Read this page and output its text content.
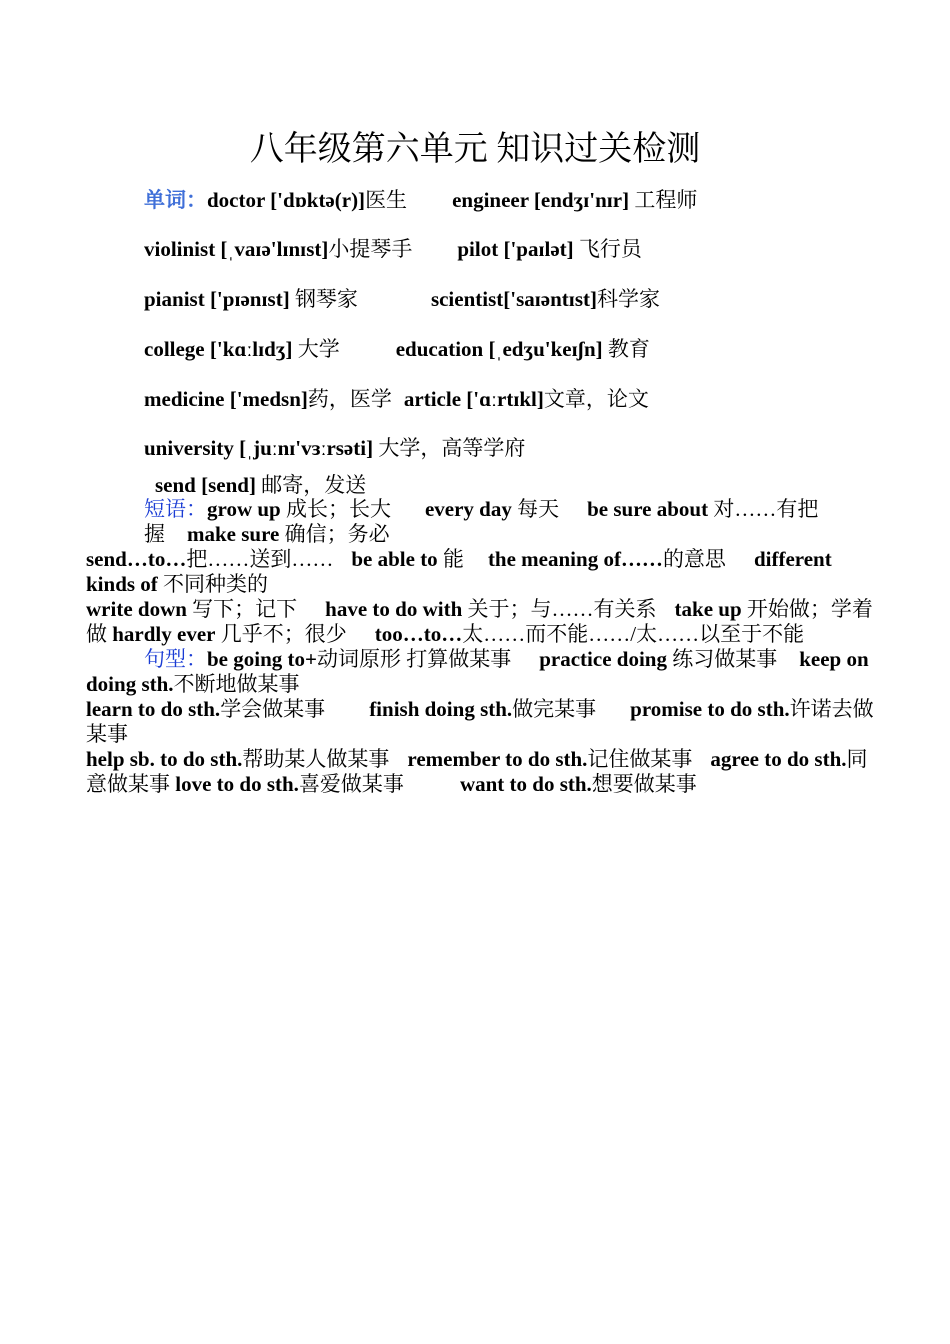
八年级第六单元 知识过关检测
单词：doctor ['dɒktə(r)]医生 engineer [endʒɪ'nɪr] 工程师
violinist [ˌvaɪə'lɪnɪst]小提琴手 pilot ['paɪlət] 飞行员
pianist ['pɪənɪst] 钢琴家	scientist['saɪəntɪst]科学家
college ['kɑːlɪdʒ] 大学	education [ˌedʒu'keɪʃn] 教育
medicine ['medsn]药，医学 article ['ɑːrtɪkl]文章，论文
university [ˌjuːnɪ'vɜːrsəti] 大学，高等学府
send [send] 邮寄，发送
短语：grow up 成长；长大 every day 每天 be sure about 对……有把握 make sure 确信；务必
send…to…把……送到…… be able to 能 the meaning of……的意思 different kinds of 不同种类的
write down 写下；记下 have to do with 关于；与……有关系 take up 开始做；学着做 hardly ever 几乎不；很少 too…to…太……而不能……/太……以至于不能
句型：be going to+动词原形 打算做某事 practice doing 练习做某事 keep on doing sth.不断地做某事
learn to do sth.学会做某事 finish doing sth.做完某事 promise to do sth.许诺去做某事
help sb. to do sth.帮助某人做某事 remember to do sth.记住做某事 agree to do sth.同意做某事 love to do sth.喜爱做某事	want to do sth.想要做某事
